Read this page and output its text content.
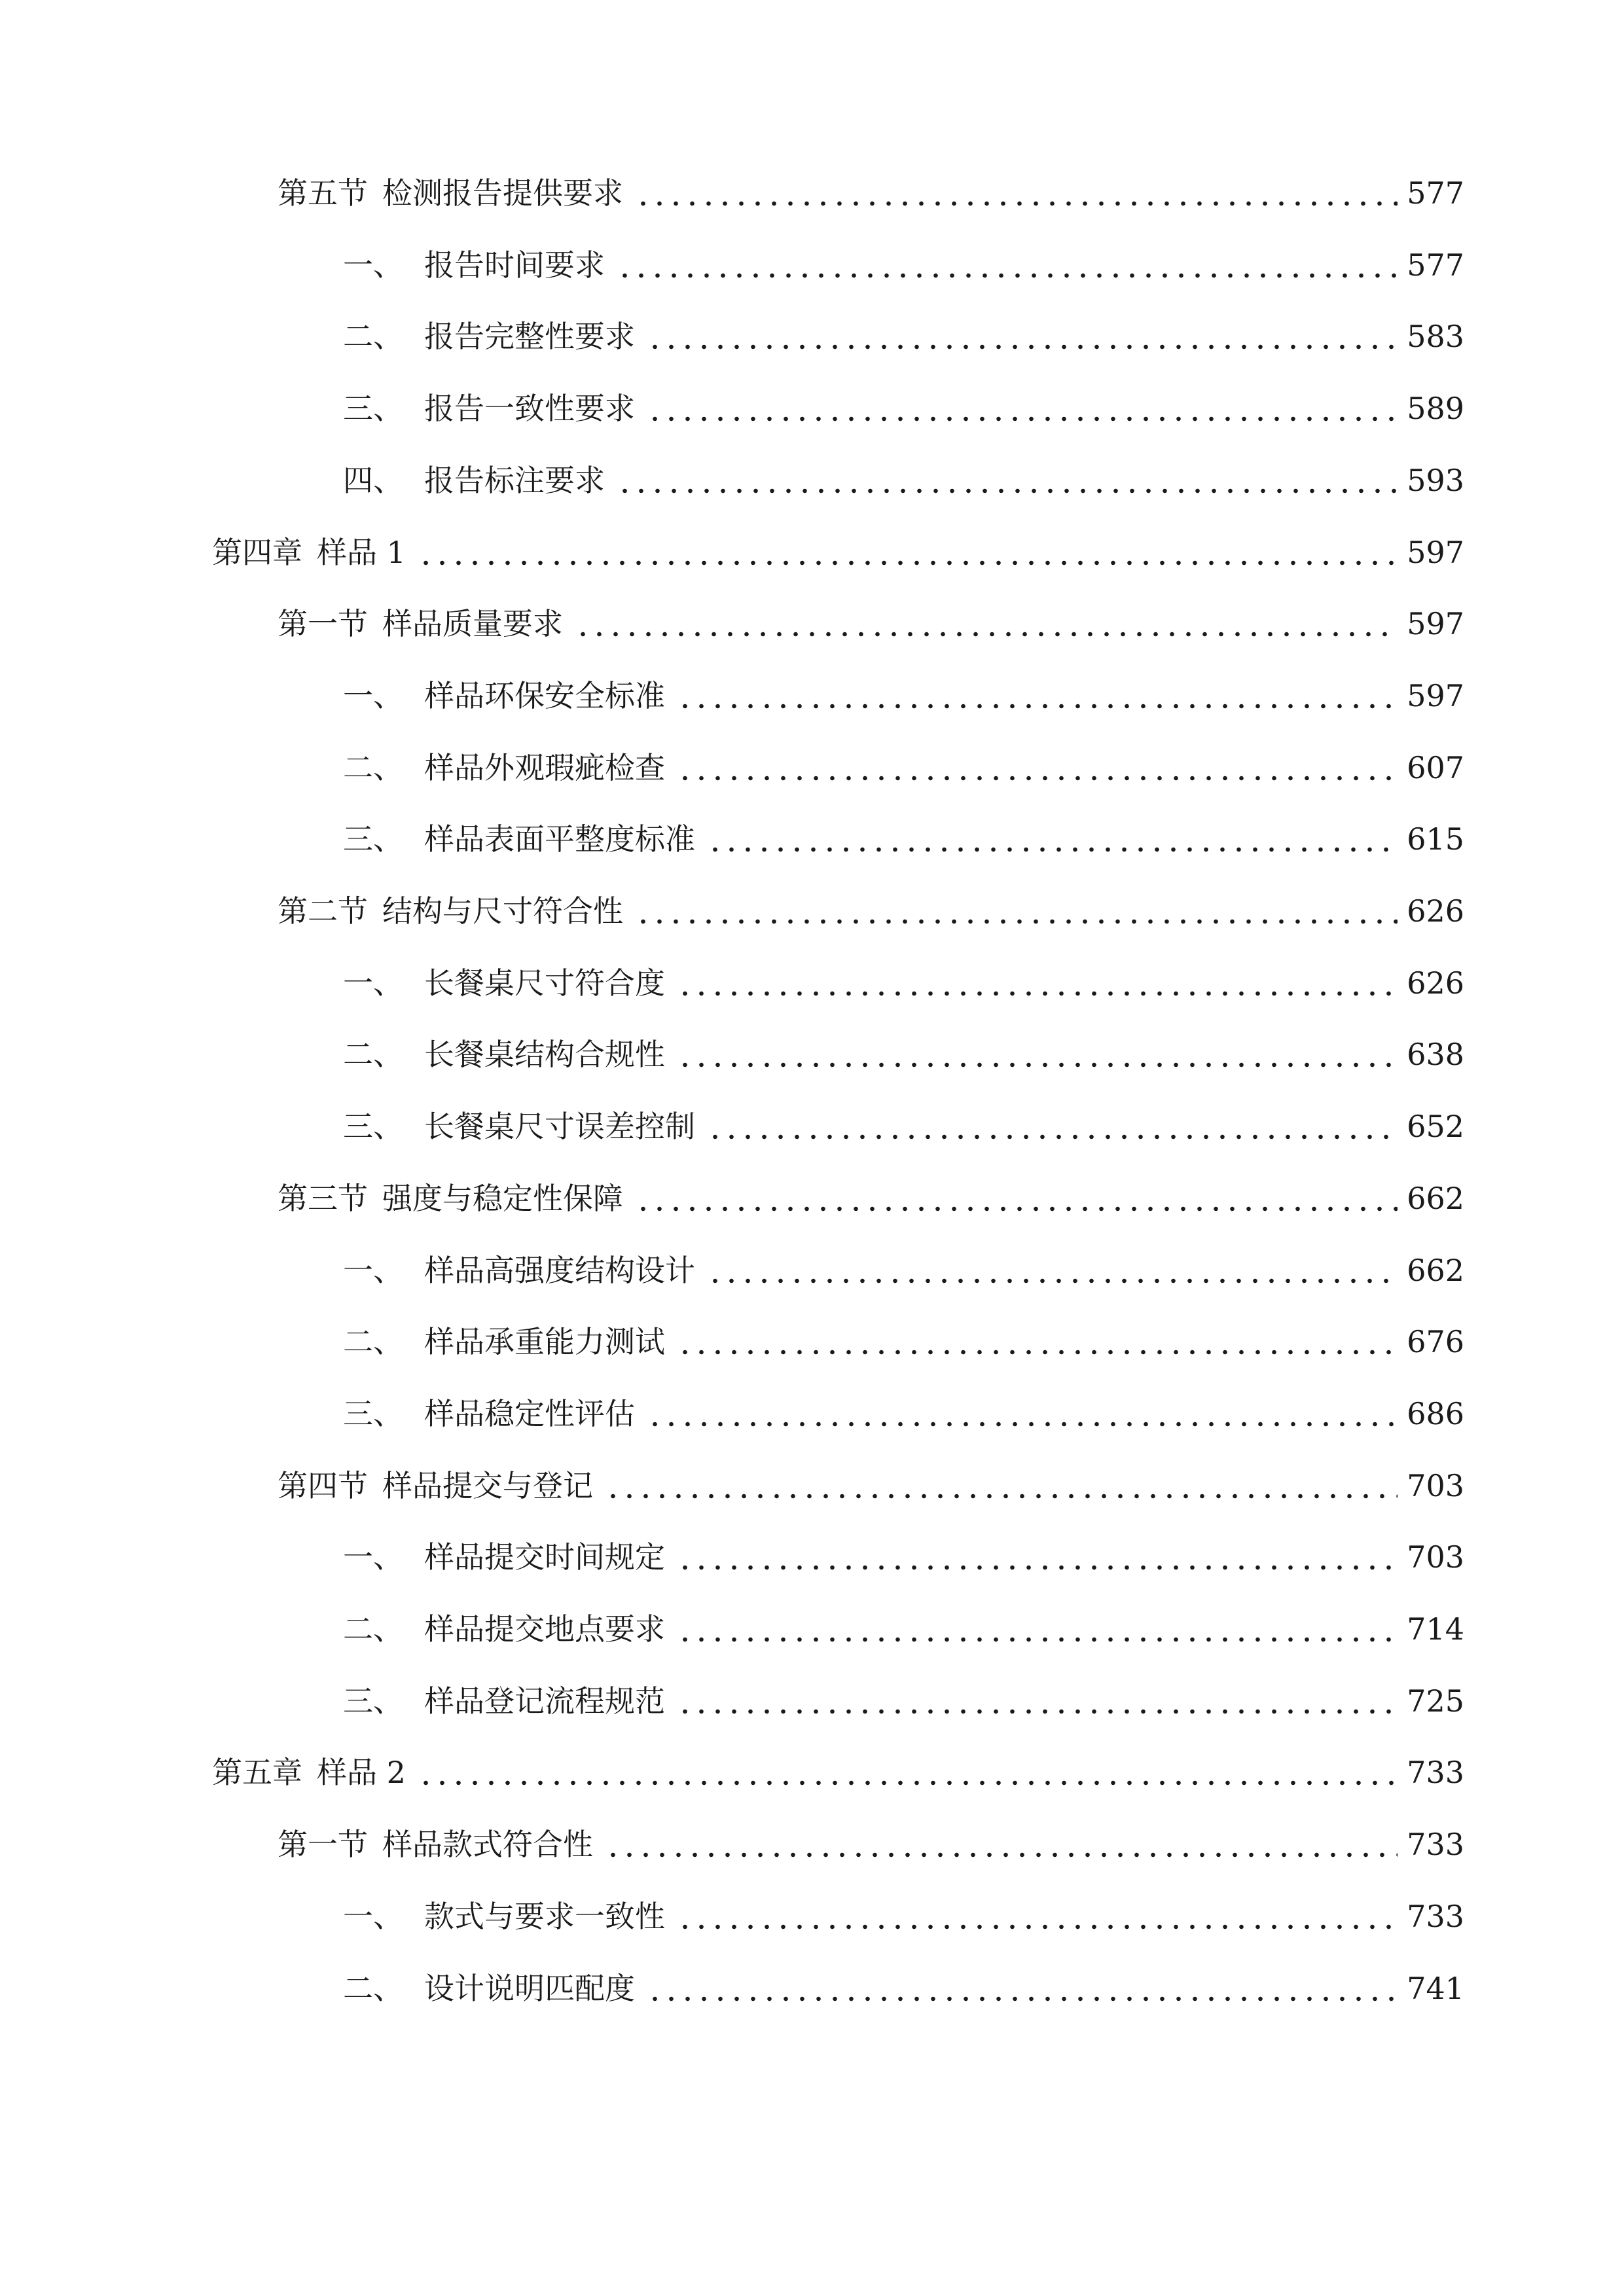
第五节 检测报告提供要求	577
一、 报告时间要求	577
二、 报告完整性要求	583
三、 报告一致性要求	589
四、 报告标注要求	593
第四章 样品 1	597
第一节 样品质量要求	597
一、 样品环保安全标准	597
二、 样品外观瑕疵检查	607
三、 样品表面平整度标准	615
第二节 结构与尺寸符合性	626
一、 长餐桌尺寸符合度	626
二、 长餐桌结构合规性	638
三、 长餐桌尺寸误差控制	652
第三节 强度与稳定性保障	662
一、 样品高强度结构设计	662
二、 样品承重能力测试	676
三、 样品稳定性评估	686
第四节 样品提交与登记	703
一、 样品提交时间规定	703
二、 样品提交地点要求	714
三、 样品登记流程规范	725
第五章 样品 2	733
第一节 样品款式符合性	733
一、 款式与要求一致性	733
二、 设计说明匹配度	741
